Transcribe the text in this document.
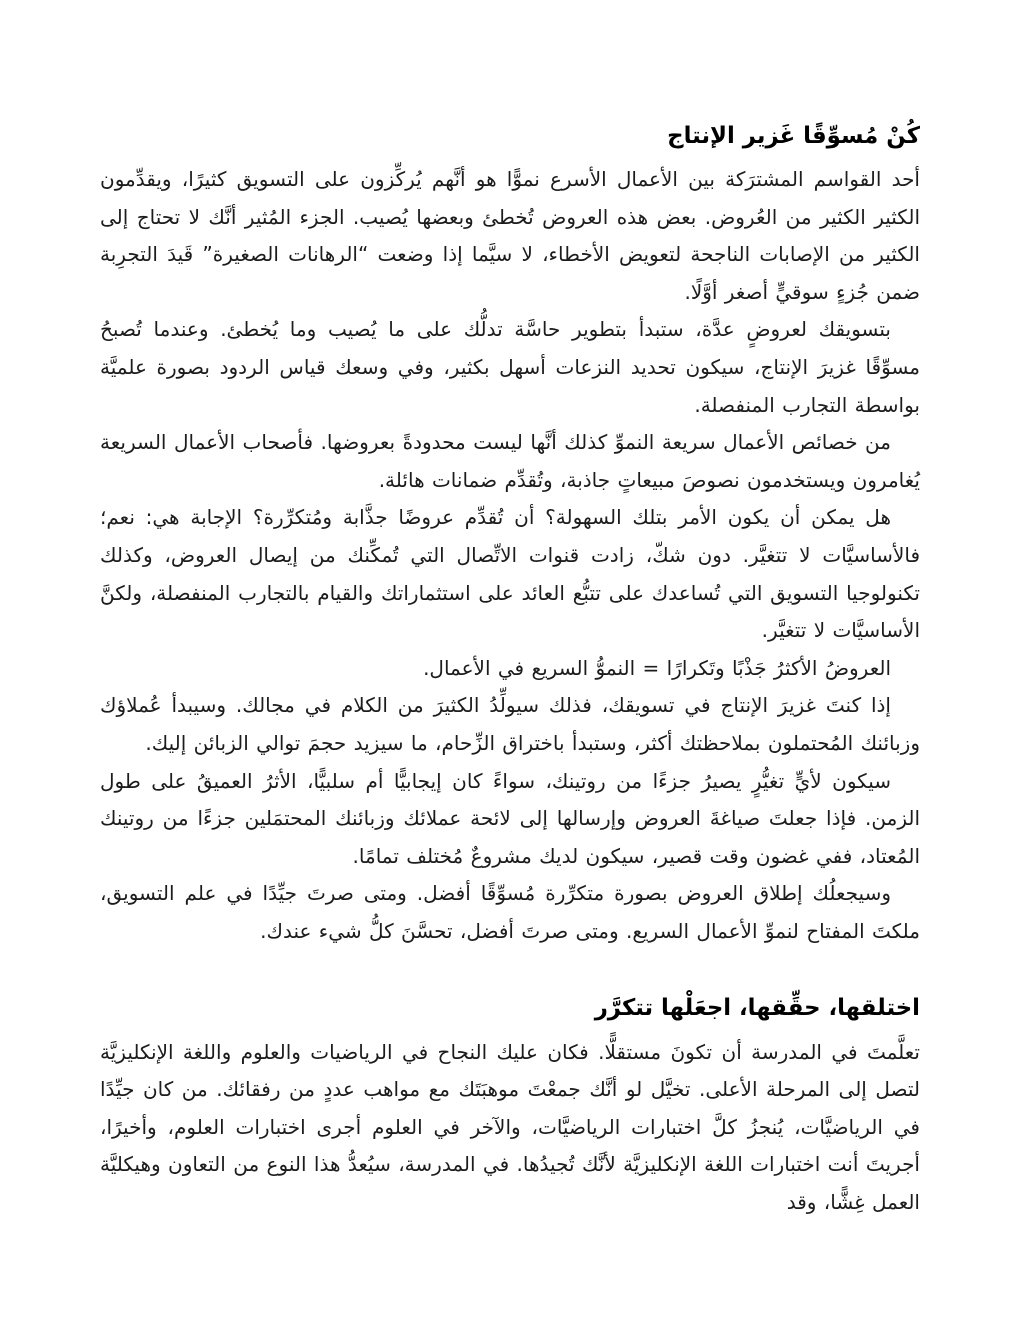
كُنْ مُسوِّقًا غَزير الإنتاج

أحد القواسم المشترَكة بين الأعمال الأسرع نموًّا هو أنَّهم يُركِّزون على التسويق كثيرًا، ويقدِّمون الكثير الكثير من العُروض. بعض هذه العروض تُخطئ وبعضها يُصيب. الجزء المُثير أنَّك لا تحتاج إلى الكثير من الإصابات الناجحة لتعويض الأخطاء، لا سيَّما إذا وضعت “الرهانات الصغيرة” قَيدَ التجرِبة ضمن جُزءٍ سوقيٍّ أصغر أوَّلًا.

بتسويقك لعروضٍ عدَّة، ستبدأ بتطوير حاسَّة تدلُّك على ما يُصيب وما يُخطئ. وعندما تُصبحُ مسوِّقًا غزيرَ الإنتاج، سيكون تحديد النزعات أسهل بكثير، وفي وسعك قياس الردود بصورة علميَّة بواسطة التجارب المنفصلة.

من خصائص الأعمال سريعة النموِّ كذلك أنَّها ليست محدودةً بعروضها. فأصحاب الأعمال السريعة يُغامرون ويستخدمون نصوصَ مبيعاتٍ جاذبة، وتُقدِّم ضمانات هائلة.

هل يمكن أن يكون الأمر بتلك السهولة؟ أن تُقدِّم عروضًا جذَّابة ومُتكرِّرة؟ الإجابة هي: نعم؛ فالأساسيَّات لا تتغيَّر. دون شكّ، زادت قنوات الاتِّصال التي تُمكِّنك من إيصال العروض، وكذلك تكنولوجيا التسويق التي تُساعدك على تتبُّع العائد على استثماراتك والقيام بالتجارب المنفصلة، ولكنَّ الأساسيَّات لا تتغيَّر.

العروضُ الأكثرُ جَذْبًا وتَكرارًا = النموُّ السريع في الأعمال.

إذا كنتَ غزيرَ الإنتاج في تسويقك، فذلك سيولِّدُ الكثيرَ من الكلام في مجالك. وسيبدأ عُملاؤك وزبائنك المُحتملون بملاحظتك أكثر، وستبدأ باختراق الزِّحام، ما سيزيد حجمَ توالي الزبائن إليك.

سيكون لأيٍّ تغيُّرٍ يصيرُ جزءًا من روتينك، سواءً كان إيجابيًّا أم سلبيًّا، الأثرُ العميقُ على طول الزمن. فإذا جعلتَ صياغةَ العروض وإرسالها إلى لائحة عملائك وزبائنك المحتمَلين جزءًا من روتينك المُعتاد، ففي غضون وقت قصير، سيكون لديك مشروعٌ مُختلف تمامًا.

وسيجعلُك إطلاق العروض بصورة متكرِّرة مُسوِّقًا أفضل. ومتى صرتَ جيِّدًا في علم التسويق، ملكتَ المفتاح لنموِّ الأعمال السريع. ومتى صرتَ أفضل، تحسَّنَ كلُّ شيء عندك.

اختلقها، حقِّقها، اجعَلْها تتكرَّر

تعلَّمتَ في المدرسة أن تكونَ مستقلًّا. فكان عليك النجاح في الرياضيات والعلوم واللغة الإنكليزيَّة لتصل إلى المرحلة الأعلى. تخيَّل لو أنَّك جمعْتَ موهبَتَك مع مواهب عددٍ من رفقائك. من كان جيِّدًا في الرياضيَّات، يُنجزُ كلَّ اختبارات الرياضيَّات، والآخر في العلوم أجرى اختبارات العلوم، وأخيرًا، أجريتَ أنت اختبارات اللغة الإنكليزيَّة لأنَّك تُجيدُها. في المدرسة، سيُعدُّ هذا النوع من التعاون وهيكليَّة العمل غِشًّا، وقد
